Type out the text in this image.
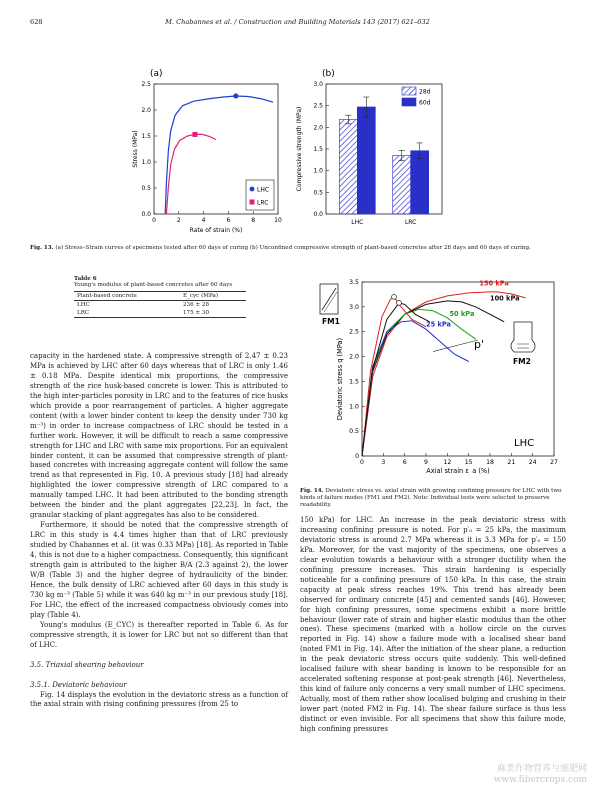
628	M. Chabannes et al. / Construction and Building Materials 143 (2017) 621–632
(a)
0.0
0.5
1.0
1.5
2.0
2.5
0	2	4	6	8	10
Rate of strain (%)
Stress (MPa)
LHC
LRC
(b)
0.0
0.5
1.0
1.5
2.0
2.5
3.0
Compressive strength (MPa)
LHC	LRC
28d
60d
Fig. 13. (a) Stress–Strain curves of specimens tested after 60 days of curing (b) Unconfined compressive strength of plant-based concretes after 28 days and 60 days of curing.
Table 6
Young's modulus of plant-based concretes after 60 days
Plant-based concrete	E_cyc (MPa)
LHC	236 ± 28
LRC	175 ± 30
0
0.5
1.0
1.5
2.0
2.5
3.0
3.5
0	3	6	9 12 15 18 21 24 27
Axial strain ε_a (%)
Deviatoric stress q (MPa)
150 kPa
100 kPa
50 kPa
25 kPa
FM1
FM2
p'
LHC
Fig. 14. Deviatoric stress vs. axial strain with growing confining pressure for LHC with two kinds of failure modes (FM1 and FM2). Note: Individual tests were selected to preserve readability.

capacity in the hardened state. A compressive strength of 2.47 ± 0.23 MPa is achieved by LHC after 60 days whereas that of LRC is only 1.46 ± 0.18 MPa. Despite identical mix proportions, the compressive strength of the rice husk-based concrete is lower. This is attributed to the high inter-particles porosity in LRC and to the features of rice husks which provide a poor rearrangement of particles. A higher aggregate content (with a lower binder content to keep the density under 730 kg m⁻³) in order to increase compactness of LRC should be tested in a further work. However, it will be difficult to reach a same compressive strength for LHC and LRC with same mix proportions. For an equivalent binder content, it can be assumed that compressive strength of plant-based concretes with increasing aggregate content will follow the same trend as that represented in Fig. 10. A previous study [18] had already highlighted the lower compressive strength of LRC compared to a manually tamped LHC. It had been attributed to the bonding strength between the binder and the plant aggregates [22,23]. In fact, the granular stacking of plant aggregates has also to be considered.

Furthermore, it should be noted that the compressive strength of LRC in this study is 4.4 times higher than that of LRC previously studied by Chabannes et al. (it was 0.33 MPa) [18]. As reported in Table 4, this is not due to a higher compactness. Consequently, this significant strength gain is attributed to the higher B/A (2.3 against 2), the lower W/B (Table 3) and the higher degree of hydraulicity of the binder. Hence, the bulk density of LRC achieved after 60 days in this study is 730 kg m⁻³ (Table 5) while it was 640 kg m⁻³ in our previous study [18]. For LHC, the effect of the increased compactness obviously comes into play (Table 4).

Young's modulus (E_CYC) is thereafter reported in Table 6. As for compressive strength, it is lower for LRC but not so different than that of LHC.

3.5. Triaxial shearing behaviour

3.5.1. Deviatoric behaviour

Fig. 14 displays the evolution in the deviatoric stress as a function of the axial strain with rising confining pressures (from 25 to

150 kPa) for LHC. An increase in the peak deviatoric stress with increasing confining pressure is noted. For p′₀ = 25 kPa, the maximum deviatoric stress is around 2.7 MPa whereas it is 3.3 MPa for p′₀ = 150 kPa. Moreover, for the vast majority of the specimens, one observes a clear evolution towards a behaviour with a stronger ductility when the confining pressure increases. This strain hardening is especially noticeable for a confining pressure of 150 kPa. In this case, the strain capacity at peak stress reaches 19%. This trend has already been observed for ordinary concrete [45] and cemented sands [46]. However, for high confining pressures, some specimens exhibit a more brittle behaviour (lower rate of strain and higher elastic modulus than the other ones). These specimens (marked with a hollow circle on the curves reported in Fig. 14) show a failure mode with a localised shear band (noted FM1 in Fig. 14). After the initiation of the shear plane, a reduction in the peak deviatoric stress occurs quite suddenly. This well-defined localised failure with shear banding is known to be responsible for an accelerated softening response at post-peak strength [46]. Nevertheless, this kind of failure only concerns a very small number of LHC specimens. Actually, most of them rather show localised bulging and crushing in their lower part (noted FM2 in Fig. 14). The shear failure surface is thus less distinct or even invisible. For all specimens that show this failure mode, high confining pressures

麻类作物营养与施肥网
www.fibercrops.com
